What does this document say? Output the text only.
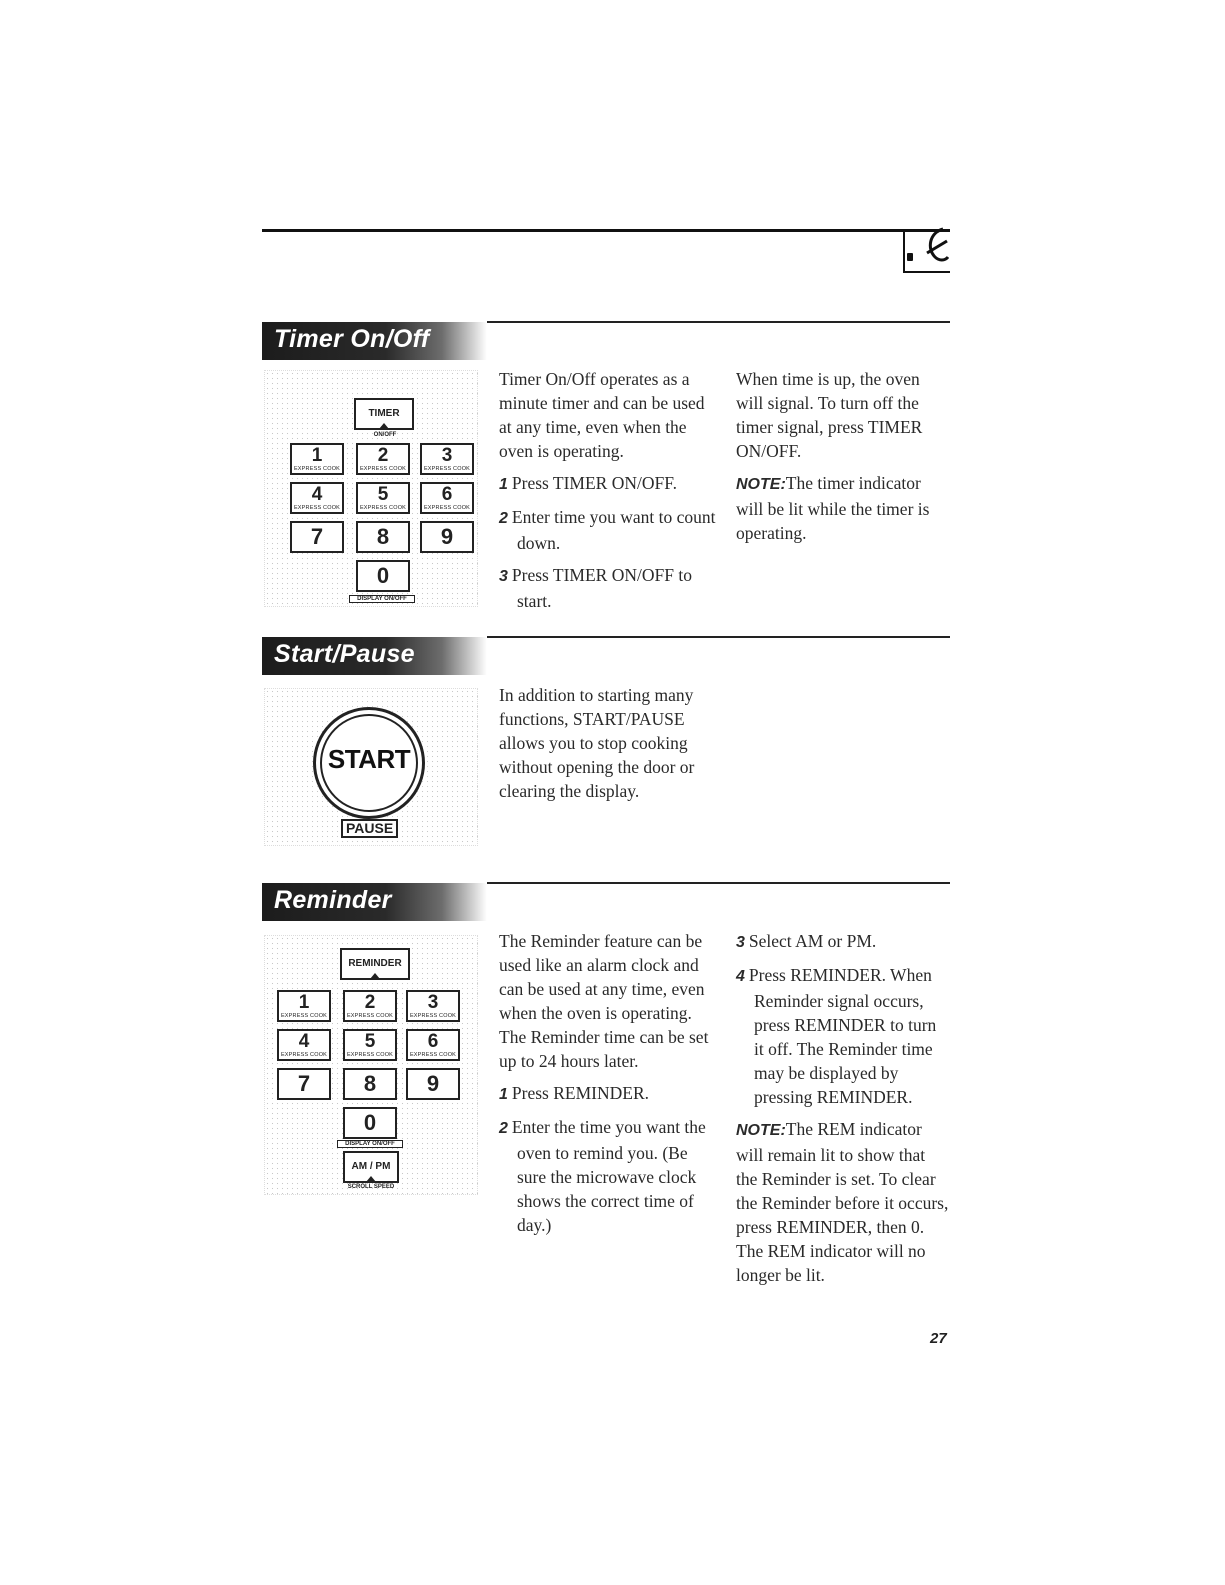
Timer On/Off
TIMER
ON/OFF
1
EXPRESS COOK
2
EXPRESS COOK
3
EXPRESS COOK
4
EXPRESS COOK
5
EXPRESS COOK
6
EXPRESS COOK
7	8	9
0
DISPLAY ON/OFF

Timer On/Off operates as a minute timer and can be used at any time, even when the oven is operating.

1 Press TIMER ON/OFF.

2 Enter time you want to count down.

3 Press TIMER ON/OFF to start.

When time is up, the oven will signal. To turn off the timer signal, press TIMER ON/OFF.

NOTE:The timer indicator will be lit while the timer is operating.

Start/Pause
START
PAUSE

In addition to starting many functions, START/PAUSE allows you to stop cooking without opening the door or clearing the display.

Reminder
REMINDER
1
EXPRESS COOK
2
EXPRESS COOK
3
EXPRESS COOK
4
EXPRESS COOK
5
EXPRESS COOK
6
EXPRESS COOK
7	8	9
0
DISPLAY ON/OFF
AM / PM
SCROLL SPEED

The Reminder feature can be used like an alarm clock and can be used at any time, even when the oven is operating. The Reminder time can be set up to 24 hours later.

1 Press REMINDER.

2 Enter the time you want the oven to remind you. (Be sure the microwave clock shows the correct time of day.)

3 Select AM or PM.

4 Press REMINDER. When Reminder signal occurs, press REMINDER to turn it off. The Reminder time may be displayed by pressing REMINDER.

NOTE:The REM indicator will remain lit to show that the Reminder is set. To clear the Reminder before it occurs, press REMINDER, then 0. The REM indicator will no longer be lit.

27
